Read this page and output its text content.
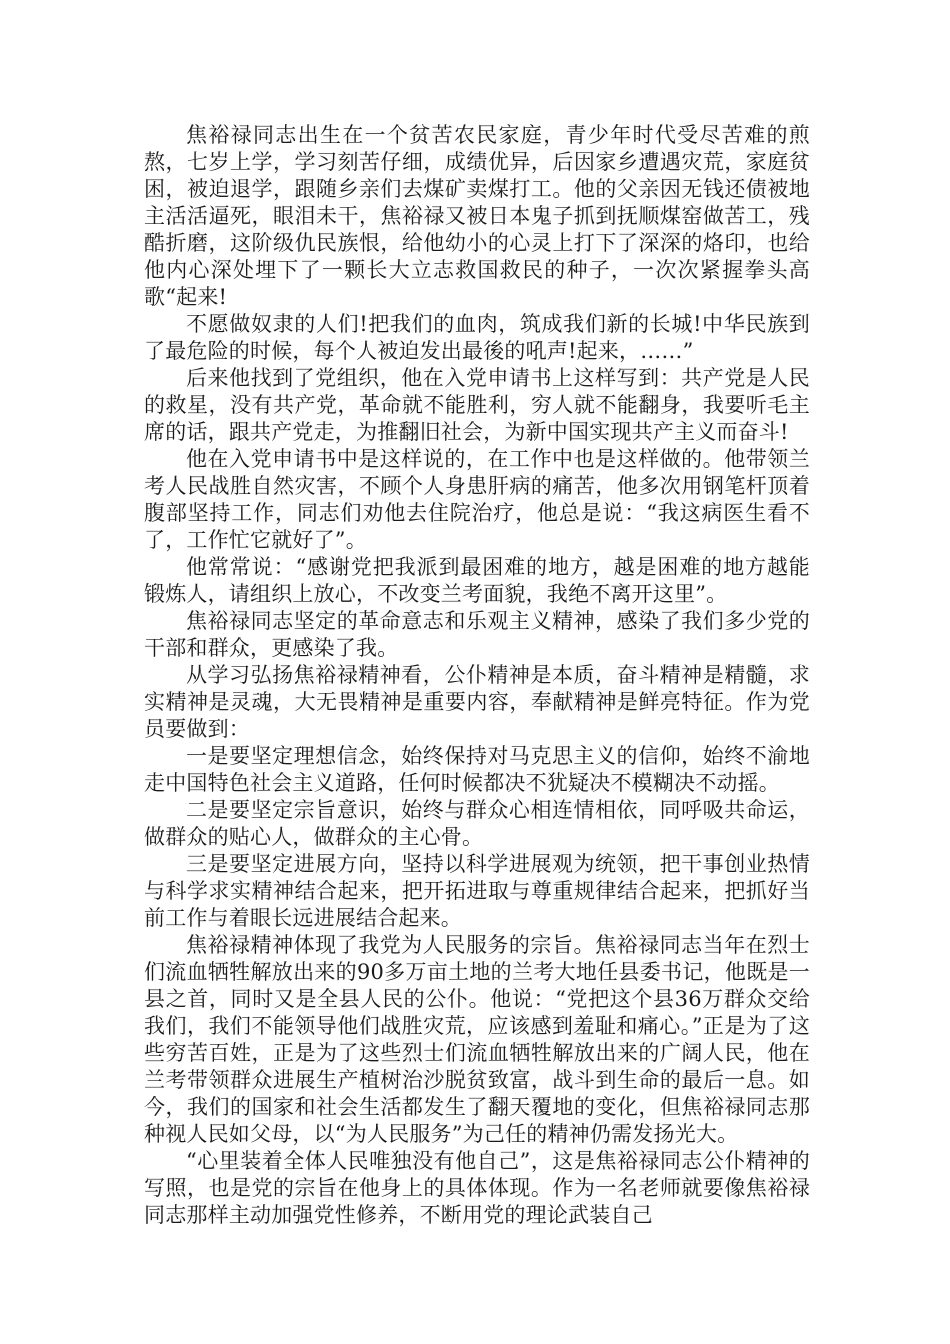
焦裕禄同志出生在一个贫苦农民家庭，青少年时代受尽苦难的煎熬，七岁上学，学习刻苦仔细，成绩优异，后因家乡遭遇灾荒，家庭贫困，被迫退学，跟随乡亲们去煤矿卖煤打工。他的父亲因无钱还债被地主活活逼死，眼泪未干，焦裕禄又被日本鬼子抓到抚顺煤窑做苦工，残酷折磨，这阶级仇民族恨，给他幼小的心灵上打下了深深的烙印，也给他内心深处埋下了一颗长大立志救国救民的种子，一次次紧握拳头高歌“起来!

不愿做奴隶的人们!把我们的血肉，筑成我们新的长城!中华民族到了最危险的时候，每个人被迫发出最後的吼声!起来，……”

后来他找到了党组织，他在入党申请书上这样写到：共产党是人民的救星，没有共产党，革命就不能胜利，穷人就不能翻身，我要听毛主席的话，跟共产党走，为推翻旧社会，为新中国实现共产主义而奋斗!

他在入党申请书中是这样说的，在工作中也是这样做的。他带领兰考人民战胜自然灾害，不顾个人身患肝病的痛苦，他多次用钢笔杆顶着腹部坚持工作，同志们劝他去住院治疗，他总是说：“我这病医生看不了，工作忙它就好了”。

他常常说：“感谢党把我派到最困难的地方，越是困难的地方越能锻炼人，请组织上放心，不改变兰考面貌，我绝不离开这里”。

焦裕禄同志坚定的革命意志和乐观主义精神，感染了我们多少党的干部和群众，更感染了我。

从学习弘扬焦裕禄精神看，公仆精神是本质，奋斗精神是精髓，求实精神是灵魂，大无畏精神是重要内容，奉献精神是鲜亮特征。作为党员要做到：

一是要坚定理想信念，始终保持对马克思主义的信仰，始终不渝地走中国特色社会主义道路，任何时候都决不犹疑决不模糊决不动摇。

二是要坚定宗旨意识，始终与群众心相连情相依，同呼吸共命运，做群众的贴心人，做群众的主心骨。

三是要坚定进展方向，坚持以科学进展观为统领，把干事创业热情与科学求实精神结合起来，把开拓进取与尊重规律结合起来，把抓好当前工作与着眼长远进展结合起来。

焦裕禄精神体现了我党为人民服务的宗旨。焦裕禄同志当年在烈士们流血牺牲解放出来的90多万亩土地的兰考大地任县委书记，他既是一县之首，同时又是全县人民的公仆。他说：“党把这个县36万群众交给我们，我们不能领导他们战胜灾荒，应该感到羞耻和痛心。”正是为了这些穷苦百姓，正是为了这些烈士们流血牺牲解放出来的广阔人民，他在兰考带领群众进展生产植树治沙脱贫致富，战斗到生命的最后一息。如今，我们的国家和社会生活都发生了翻天覆地的变化，但焦裕禄同志那种视人民如父母，以“为人民服务”为己任的精神仍需发扬光大。

“心里装着全体人民唯独没有他自己”，这是焦裕禄同志公仆精神的写照，也是党的宗旨在他身上的具体体现。作为一名老师就要像焦裕禄同志那样主动加强党性修养，不断用党的理论武装自己
